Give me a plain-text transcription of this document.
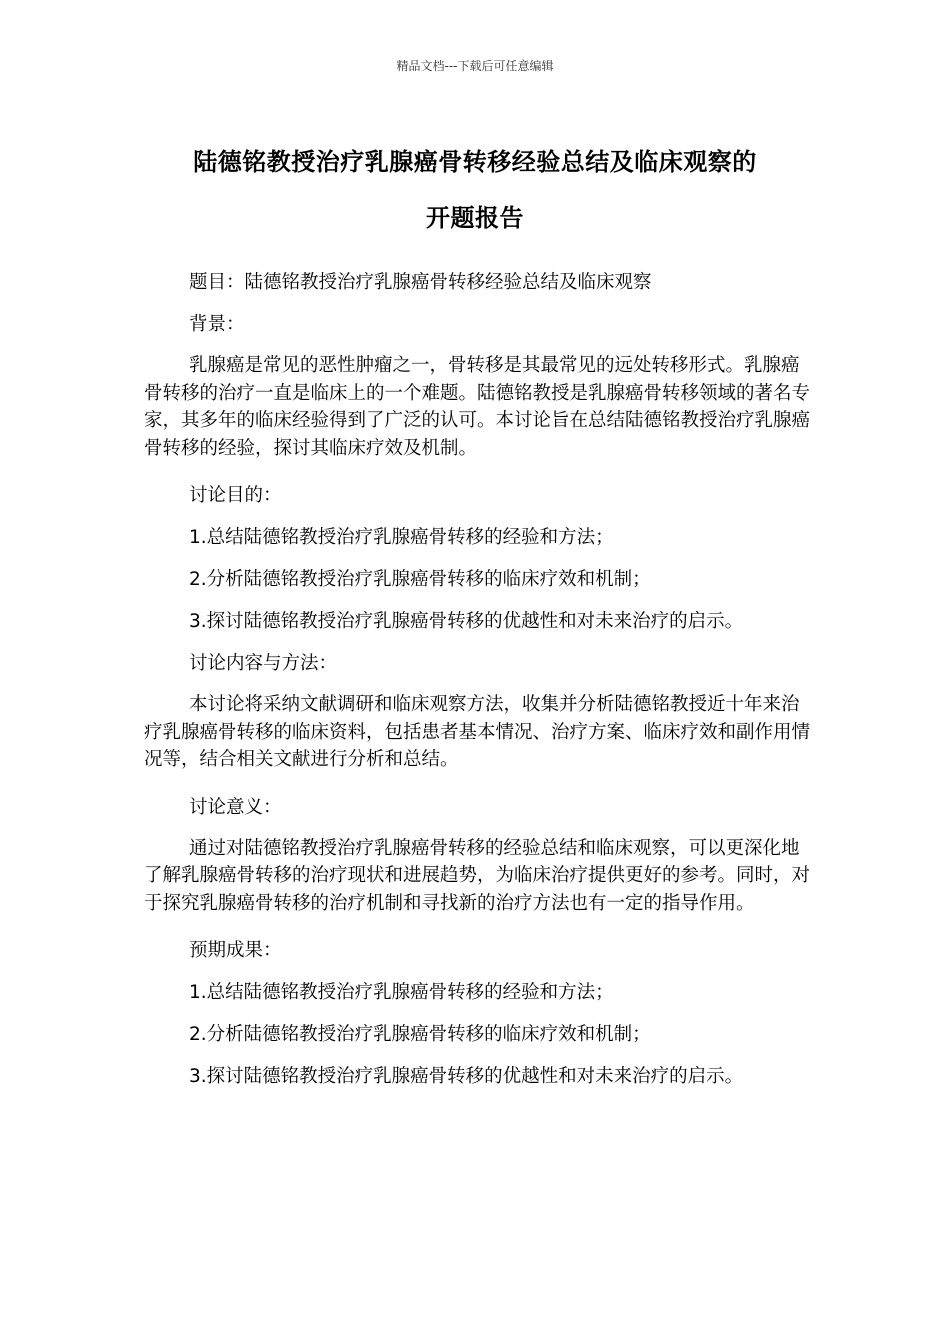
精品文档---下载后可任意编辑
陆德铭教授治疗乳腺癌骨转移经验总结及临床观察的
开题报告

题目：陆德铭教授治疗乳腺癌骨转移经验总结及临床观察

背景：

乳腺癌是常见的恶性肿瘤之一，骨转移是其最常见的远处转移形式。乳腺癌骨转移的治疗一直是临床上的一个难题。陆德铭教授是乳腺癌骨转移领域的著名专家，其多年的临床经验得到了广泛的认可。本讨论旨在总结陆德铭教授治疗乳腺癌骨转移的经验，探讨其临床疗效及机制。

讨论目的：

1.总结陆德铭教授治疗乳腺癌骨转移的经验和方法；

2.分析陆德铭教授治疗乳腺癌骨转移的临床疗效和机制；

3.探讨陆德铭教授治疗乳腺癌骨转移的优越性和对未来治疗的启示。

讨论内容与方法：

本讨论将采纳文献调研和临床观察方法，收集并分析陆德铭教授近十年来治疗乳腺癌骨转移的临床资料，包括患者基本情况、治疗方案、临床疗效和副作用情况等，结合相关文献进行分析和总结。

讨论意义：

通过对陆德铭教授治疗乳腺癌骨转移的经验总结和临床观察，可以更深化地了解乳腺癌骨转移的治疗现状和进展趋势，为临床治疗提供更好的参考。同时，对于探究乳腺癌骨转移的治疗机制和寻找新的治疗方法也有一定的指导作用。

预期成果：

1.总结陆德铭教授治疗乳腺癌骨转移的经验和方法；

2.分析陆德铭教授治疗乳腺癌骨转移的临床疗效和机制；

3.探讨陆德铭教授治疗乳腺癌骨转移的优越性和对未来治疗的启示。
